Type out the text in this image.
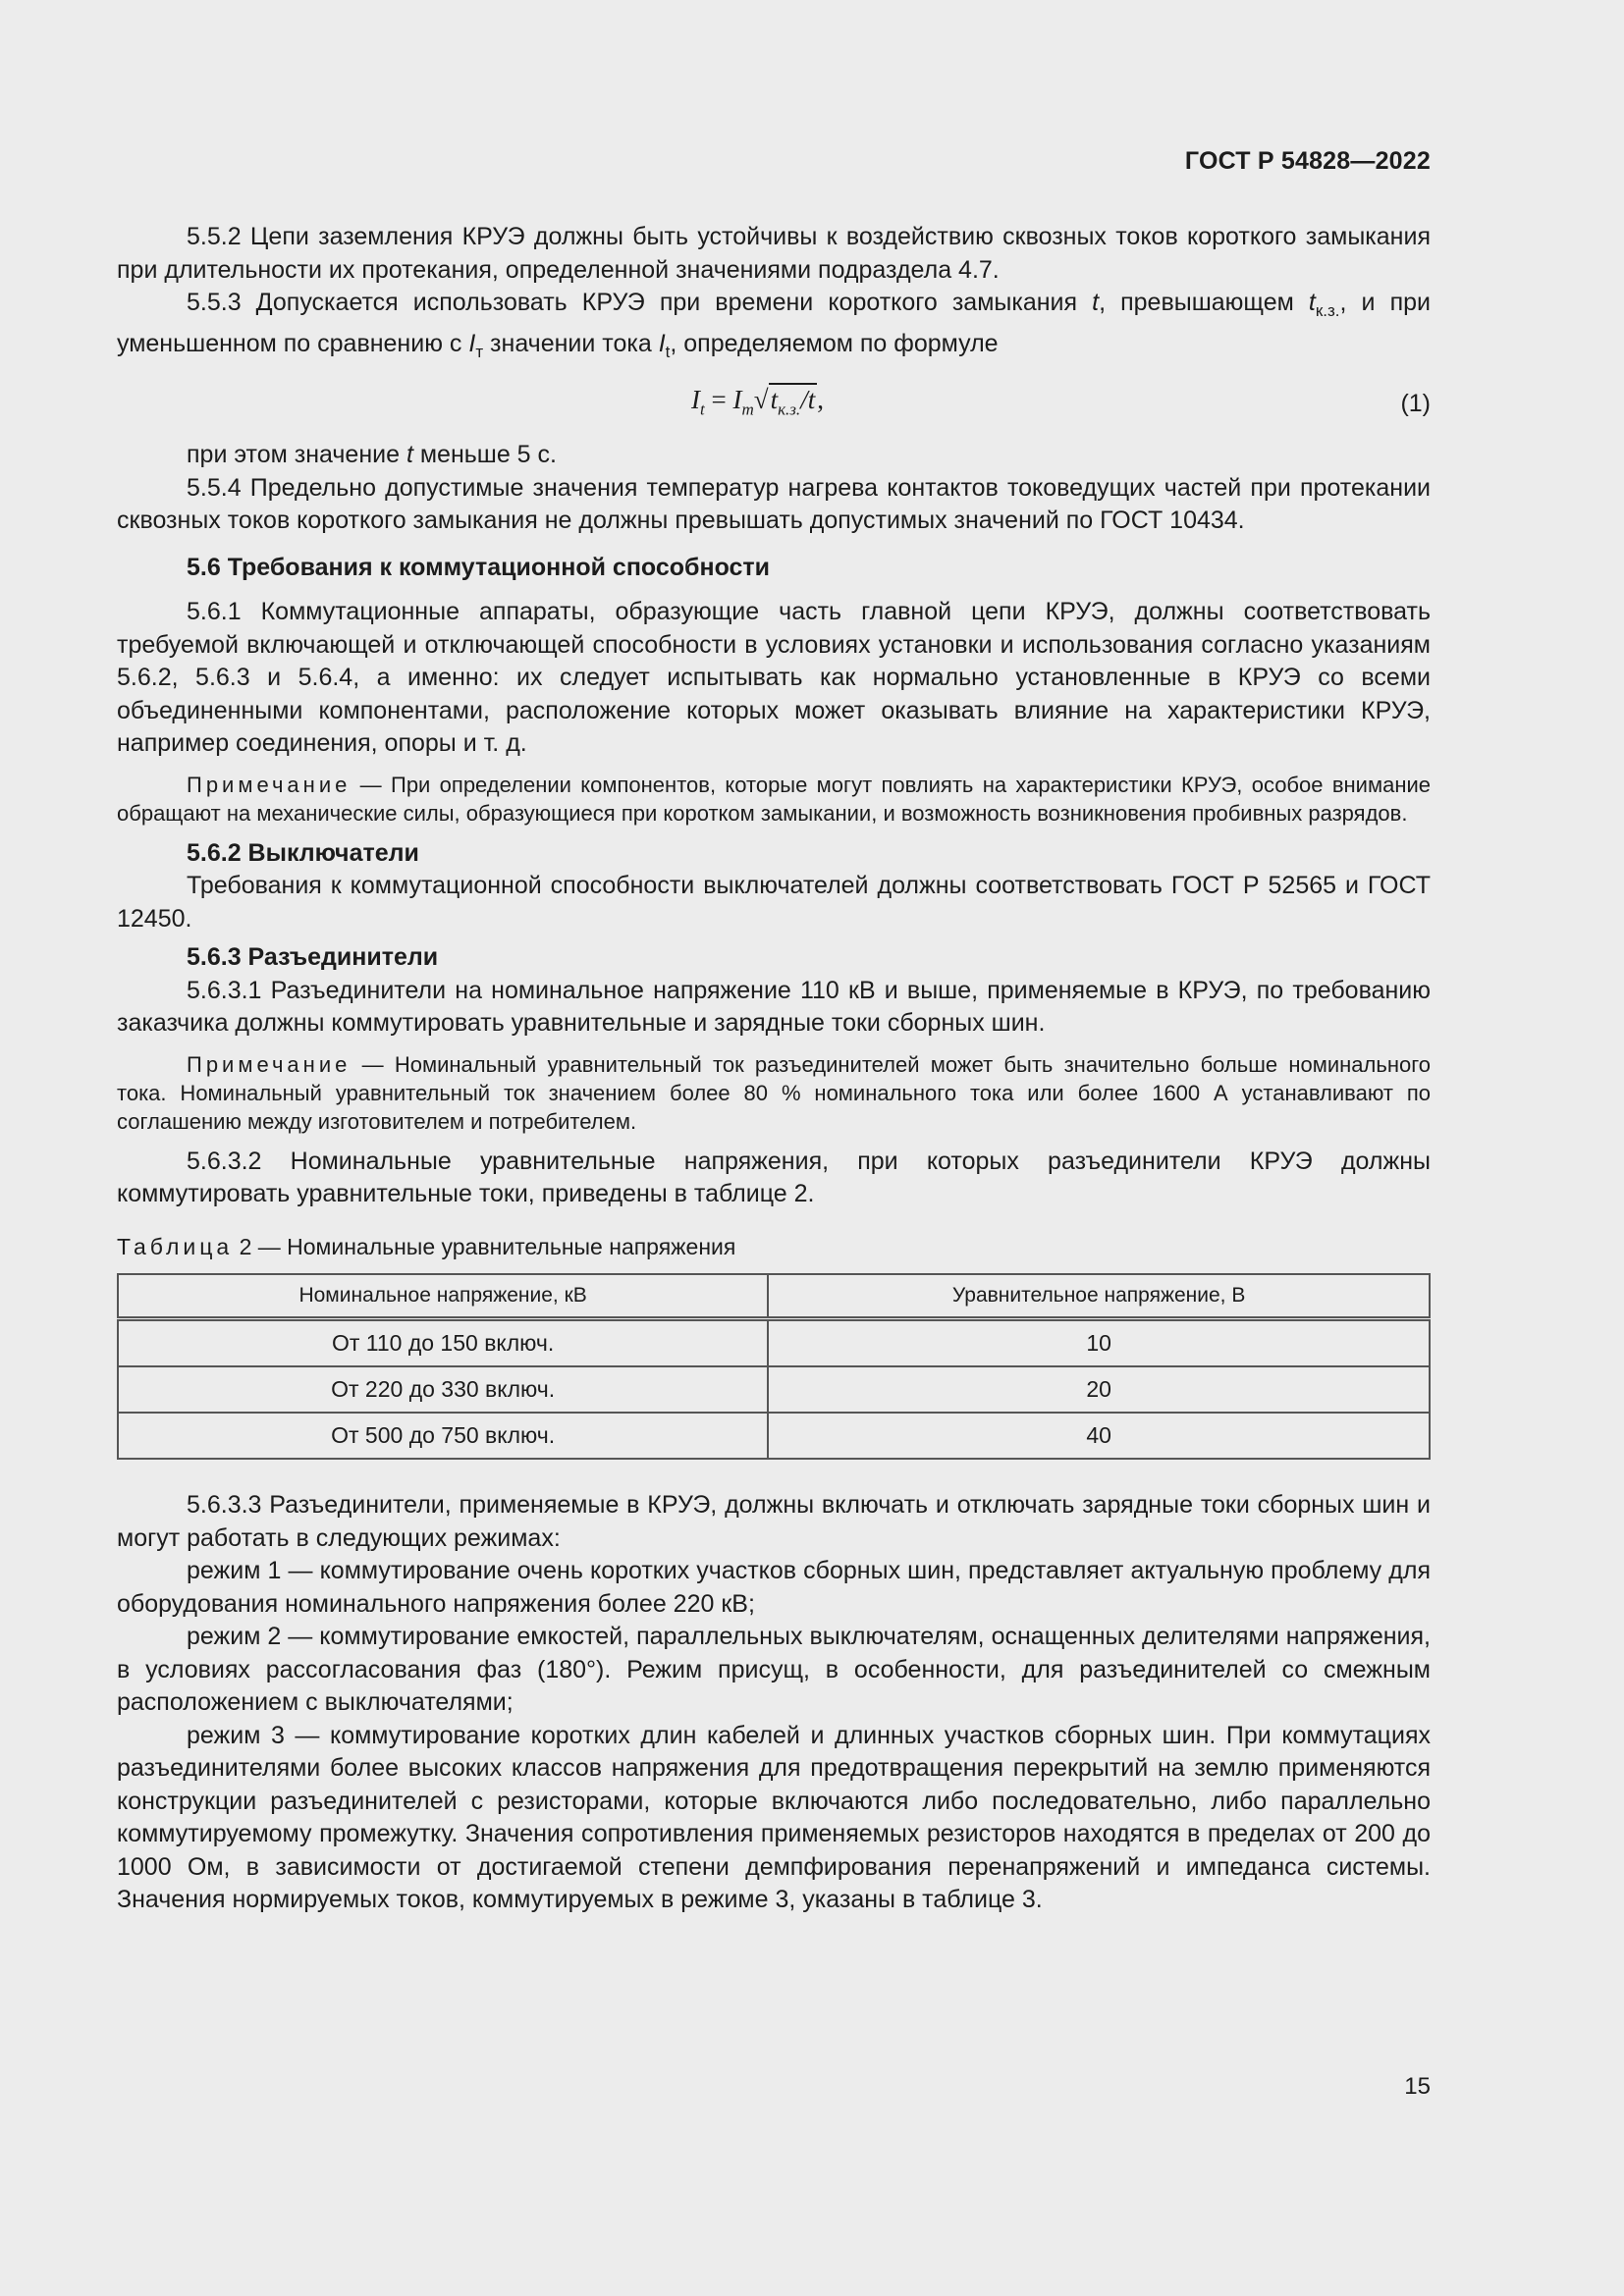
ГОСТ Р 54828—2022

5.5.2 Цепи заземления КРУЭ должны быть устойчивы к воздействию сквозных токов короткого замыкания при длительности их протекания, определенной значениями подраздела 4.7.

5.5.3 Допускается использовать КРУЭ при времени короткого замыкания t, превышающем $t_{к.з.}$, и при уменьшенном по сравнению с $I_т$ значении тока $I_t$, определяемом по формуле

$I_t = I_т√t_{к.з.}/t$,	(1)

при этом значение t меньше 5 с.

5.5.4 Предельно допустимые значения температур нагрева контактов токоведущих частей при протекании сквозных токов короткого замыкания не должны превышать допустимых значений по ГОСТ 10434.

5.6 Требования к коммутационной способности

5.6.1 Коммутационные аппараты, образующие часть главной цепи КРУЭ, должны соответствовать требуемой включающей и отключающей способности в условиях установки и использования согласно указаниям 5.6.2, 5.6.3 и 5.6.4, а именно: их следует испытывать как нормально установленные в КРУЭ со всеми объединенными компонентами, расположение которых может оказывать влияние на характеристики КРУЭ, например соединения, опоры и т. д.

Примечание — При определении компонентов, которые могут повлиять на характеристики КРУЭ, особое внимание обращают на механические силы, образующиеся при коротком замыкании, и возможность возникновения пробивных разрядов.

5.6.2 Выключатели

Требования к коммутационной способности выключателей должны соответствовать ГОСТ Р 52565 и ГОСТ 12450.

5.6.3 Разъединители

5.6.3.1 Разъединители на номинальное напряжение 110 кВ и выше, применяемые в КРУЭ, по требованию заказчика должны коммутировать уравнительные и зарядные токи сборных шин.

Примечание — Номинальный уравнительный ток разъединителей может быть значительно больше номинального тока. Номинальный уравнительный ток значением более 80 % номинального тока или более 1600 А устанавливают по соглашению между изготовителем и потребителем.

5.6.3.2 Номинальные уравнительные напряжения, при которых разъединители КРУЭ должны коммутировать уравнительные токи, приведены в таблице 2.

Таблица 2 — Номинальные уравнительные напряжения
Номинальное напряжение, кВ	Уравнительное напряжение, В
От 110 до 150 включ.	10
От 220 до 330 включ.	20
От 500 до 750 включ.	40

5.6.3.3 Разъединители, применяемые в КРУЭ, должны включать и отключать зарядные токи сборных шин и могут работать в следующих режимах:

режим 1 — коммутирование очень коротких участков сборных шин, представляет актуальную проблему для оборудования номинального напряжения более 220 кВ;

режим 2 — коммутирование емкостей, параллельных выключателям, оснащенных делителями напряжения, в условиях рассогласования фаз (180°). Режим присущ, в особенности, для разъединителей со смежным расположением с выключателями;

режим 3 — коммутирование коротких длин кабелей и длинных участков сборных шин. При коммутациях разъединителями более высоких классов напряжения для предотвращения перекрытий на землю применяются конструкции разъединителей с резисторами, которые включаются либо последовательно, либо параллельно коммутируемому промежутку. Значения сопротивления применяемых резисторов находятся в пределах от 200 до 1000 Ом, в зависимости от достигаемой степени демпфирования перенапряжений и импеданса системы. Значения нормируемых токов, коммутируемых в режиме 3, указаны в таблице 3.

15
